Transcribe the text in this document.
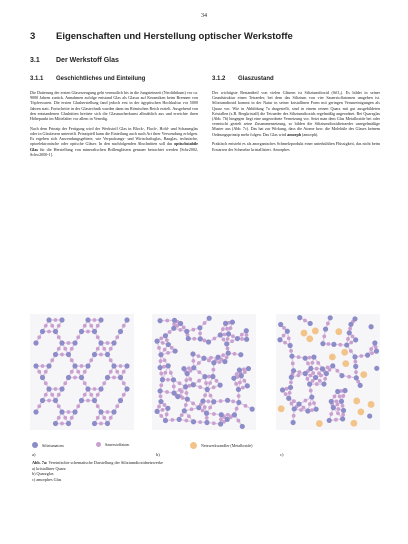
34
3 Eigenschaften und Herstellung optischer Werkstoffe
3.1 Der Werkstoff Glas
3.1.1 Geschichtliches und Einteilung	3.1.2 Glaszustand

Die Datierung der ersten Glaserzeugung geht vermutlich bis in die Jungsteinzeit (Neolithikum) vor ca. 9000 Jahren zurück. Annahmen zufolge entstand Glas als Glasur auf Keramiken beim Brennen von Töpferwaren. Die ersten Glasherstellung fand jedoch erst in der ägyptischen Hochkultur vor 5000 Jahren statt. Fortschritte in der Glastechnik wurden dann im Römischen Reich erzielt. Ausgehend von den entstandenen Glashütten breitete sich die Glasmacherkunst allmählich aus und erreichte ihren Höhepunkt im Mittelalter vor allem in Venedig.

Nach dem Prinzip der Fertigung wird der Werkstoff Glas in Block-, Flach-, Hohl- und Schaumglas oder in Glasfasern unterteilt. Prinzipiell kann die Einteilung auch nach Art ihrer Verwendung erfolgen. Es ergeben sich Anwendungsgebiete, wie Verpackungs- und Wirtschaftsglas, Bauglas, technische, optoelektronische oder optische Gläser. In den nachfolgenden Abschnitten soll das optischstabile Glas für die Herstellung von mineralischen Brillengläsern genauer betrachtet werden [Schr2002, Schw2000-1].

Der wichtigste Bestandteil von vielen Gläsern ist Siliziumdioxid (SiO₂). Es bildet in seiner Grundstruktur einen Tetraeder, bei dem das Silizium von vier Sauerstoffatomen umgeben ist. Siliziumdioxid kommt in der Natur in seiner kristallinen Form mit geringen Verunreinigungen als Quarz vor. Wie in Abbildung 7a dargestellt, sind in einem reinen Quarz mit gut ausgebildeten Kristallen (z.B. Bergkristall) die Tetraeder des Siliziumdioxids regelmäßig angeordnet. Bei Quarzglas (Abb. 7b) hingegen liegt eine ungeordnete Vernetzung vor. Setzt man dem Glas Metalloxide bei oder vermischt gezielt seine Zusammensetzung, so bilden die Siliziumdioxidtetraeder unregelmäßige Muster aus (Abb. 7c). Das hat zur Wirkung, dass die Atome bzw. die Moleküle des Glases keinem Ordnungsprinzip mehr folgen. Das Glas wird amorph (amorph).

Praktisch entsteht es als anorganisches Schmelzprodukt einer unterkühlten Flüssigkeit, das nicht beim Erstarren der Schmelze kristallisiert. Amorphes

Siliziumatom	Sauerstoffatom	Netzwerkwandler (Metalloxide)
a)	b)	c)
Abb. 7a: Vereinfachte schematische Darstellung der Siliziumdioxidnetzwerke
a) kristalliner Quarz
b) Quarzglas
c) amorphes Glas
